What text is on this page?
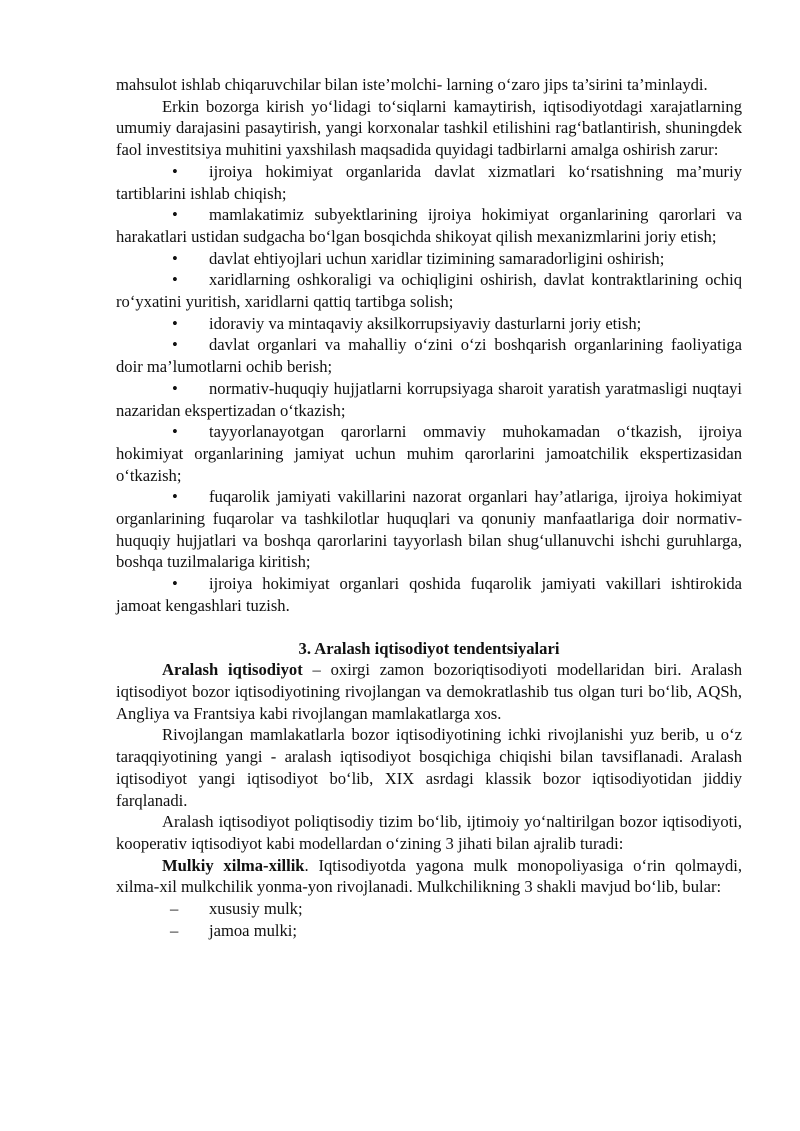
mahsulot ishlab chiqaruvchilar bilan iste’molchi- larning o‘zaro jips ta’sirini ta’minlaydi.

Erkin bozorga kirish yo‘lidagi to‘siqlarni kamaytirish, iqtisodiyotdagi xarajatlarning umumiy darajasini pasaytirish, yangi korxonalar tashkil etilishini rag‘batlantirish, shuningdek faol investitsiya muhitini yaxshilash maqsadida quyidagi tadbirlarni amalga oshirish zarur:

• ijroiya hokimiyat organlarida davlat xizmatlari ko‘rsatishning ma’muriy tartiblarini ishlab chiqish;

• mamlakatimiz subyektlarining ijroiya hokimiyat organlarining qarorlari va harakatlari ustidan sudgacha bo‘lgan bosqichda shikoyat qilish mexanizmlarini joriy etish;

• davlat ehtiyojlari uchun xaridlar tizimining samaradorligini oshirish;

• xaridlarning oshkoraligi va ochiqligini oshirish, davlat kontraktlarining ochiq ro‘yxatini yuritish, xaridlarni qattiq tartibga solish;

• idoraviy va mintaqaviy aksilkorrupsiyaviy dasturlarni joriy etish;

• davlat organlari va mahalliy o‘zini o‘zi boshqarish organlarining faoliyatiga doir ma’lumotlarni ochib berish;

• normativ-huquqiy hujjatlarni korrupsiyaga sharoit yaratish yaratmasligi nuqtayi nazaridan ekspertizadan o‘tkazish;

• tayyorlanayotgan qarorlarni ommaviy muhokamadan o‘tkazish, ijroiya hokimiyat organlarining jamiyat uchun muhim qarorlarini jamoatchilik ekspertizasidan o‘tkazish;

• fuqarolik jamiyati vakillarini nazorat organlari hay’atlariga, ijroiya hokimiyat organlarining fuqarolar va tashkilotlar huquqlari va qonuniy manfaatlariga doir normativ-huquqiy hujjatlari va boshqa qarorlarini tayyorlash bilan shug‘ullanuvchi ishchi guruhlarga, boshqa tuzilmalariga kiritish;

• ijroiya hokimiyat organlari qoshida fuqarolik jamiyati vakillari ishtirokida jamoat kengashlari tuzish.

3. Aralash iqtisodiyot tendentsiyalari

Aralash iqtisodiyot – oxirgi zamon bozoriqtisodiyoti modellaridan biri. Aralash iqtisodiyot bozor iqtisodiyotining rivojlangan va demokratlashib tus olgan turi bo‘lib, AQSh, Angliya va Frantsiya kabi rivojlangan mamlakatlarga xos.

Rivojlangan mamlakatlarla bozor iqtisodiyotining ichki rivojlanishi yuz berib, u o‘z taraqqiyotining yangi - aralash iqtisodiyot bosqichiga chiqishi bilan tavsiflanadi. Aralash iqtisodiyot yangi iqtisodiyot bo‘lib, XIX asrdagi klassik bozor iqtisodiyotidan jiddiy farqlanadi.

Aralash iqtisodiyot poliqtisodiy tizim bo‘lib, ijtimoiy yo‘naltirilgan bozor iqtisodiyoti, kooperativ iqtisodiyot kabi modellardan o‘zining 3 jihati bilan ajralib turadi:

Mulkiy xilma-xillik. Iqtisodiyotda yagona mulk monopoliyasiga o‘rin qolmaydi, xilma-xil mulkchilik yonma-yon rivojlanadi. Mulkchilikning 3 shakli mavjud bo‘lib, bular:

– xususiy mulk;

– jamoa mulki;
